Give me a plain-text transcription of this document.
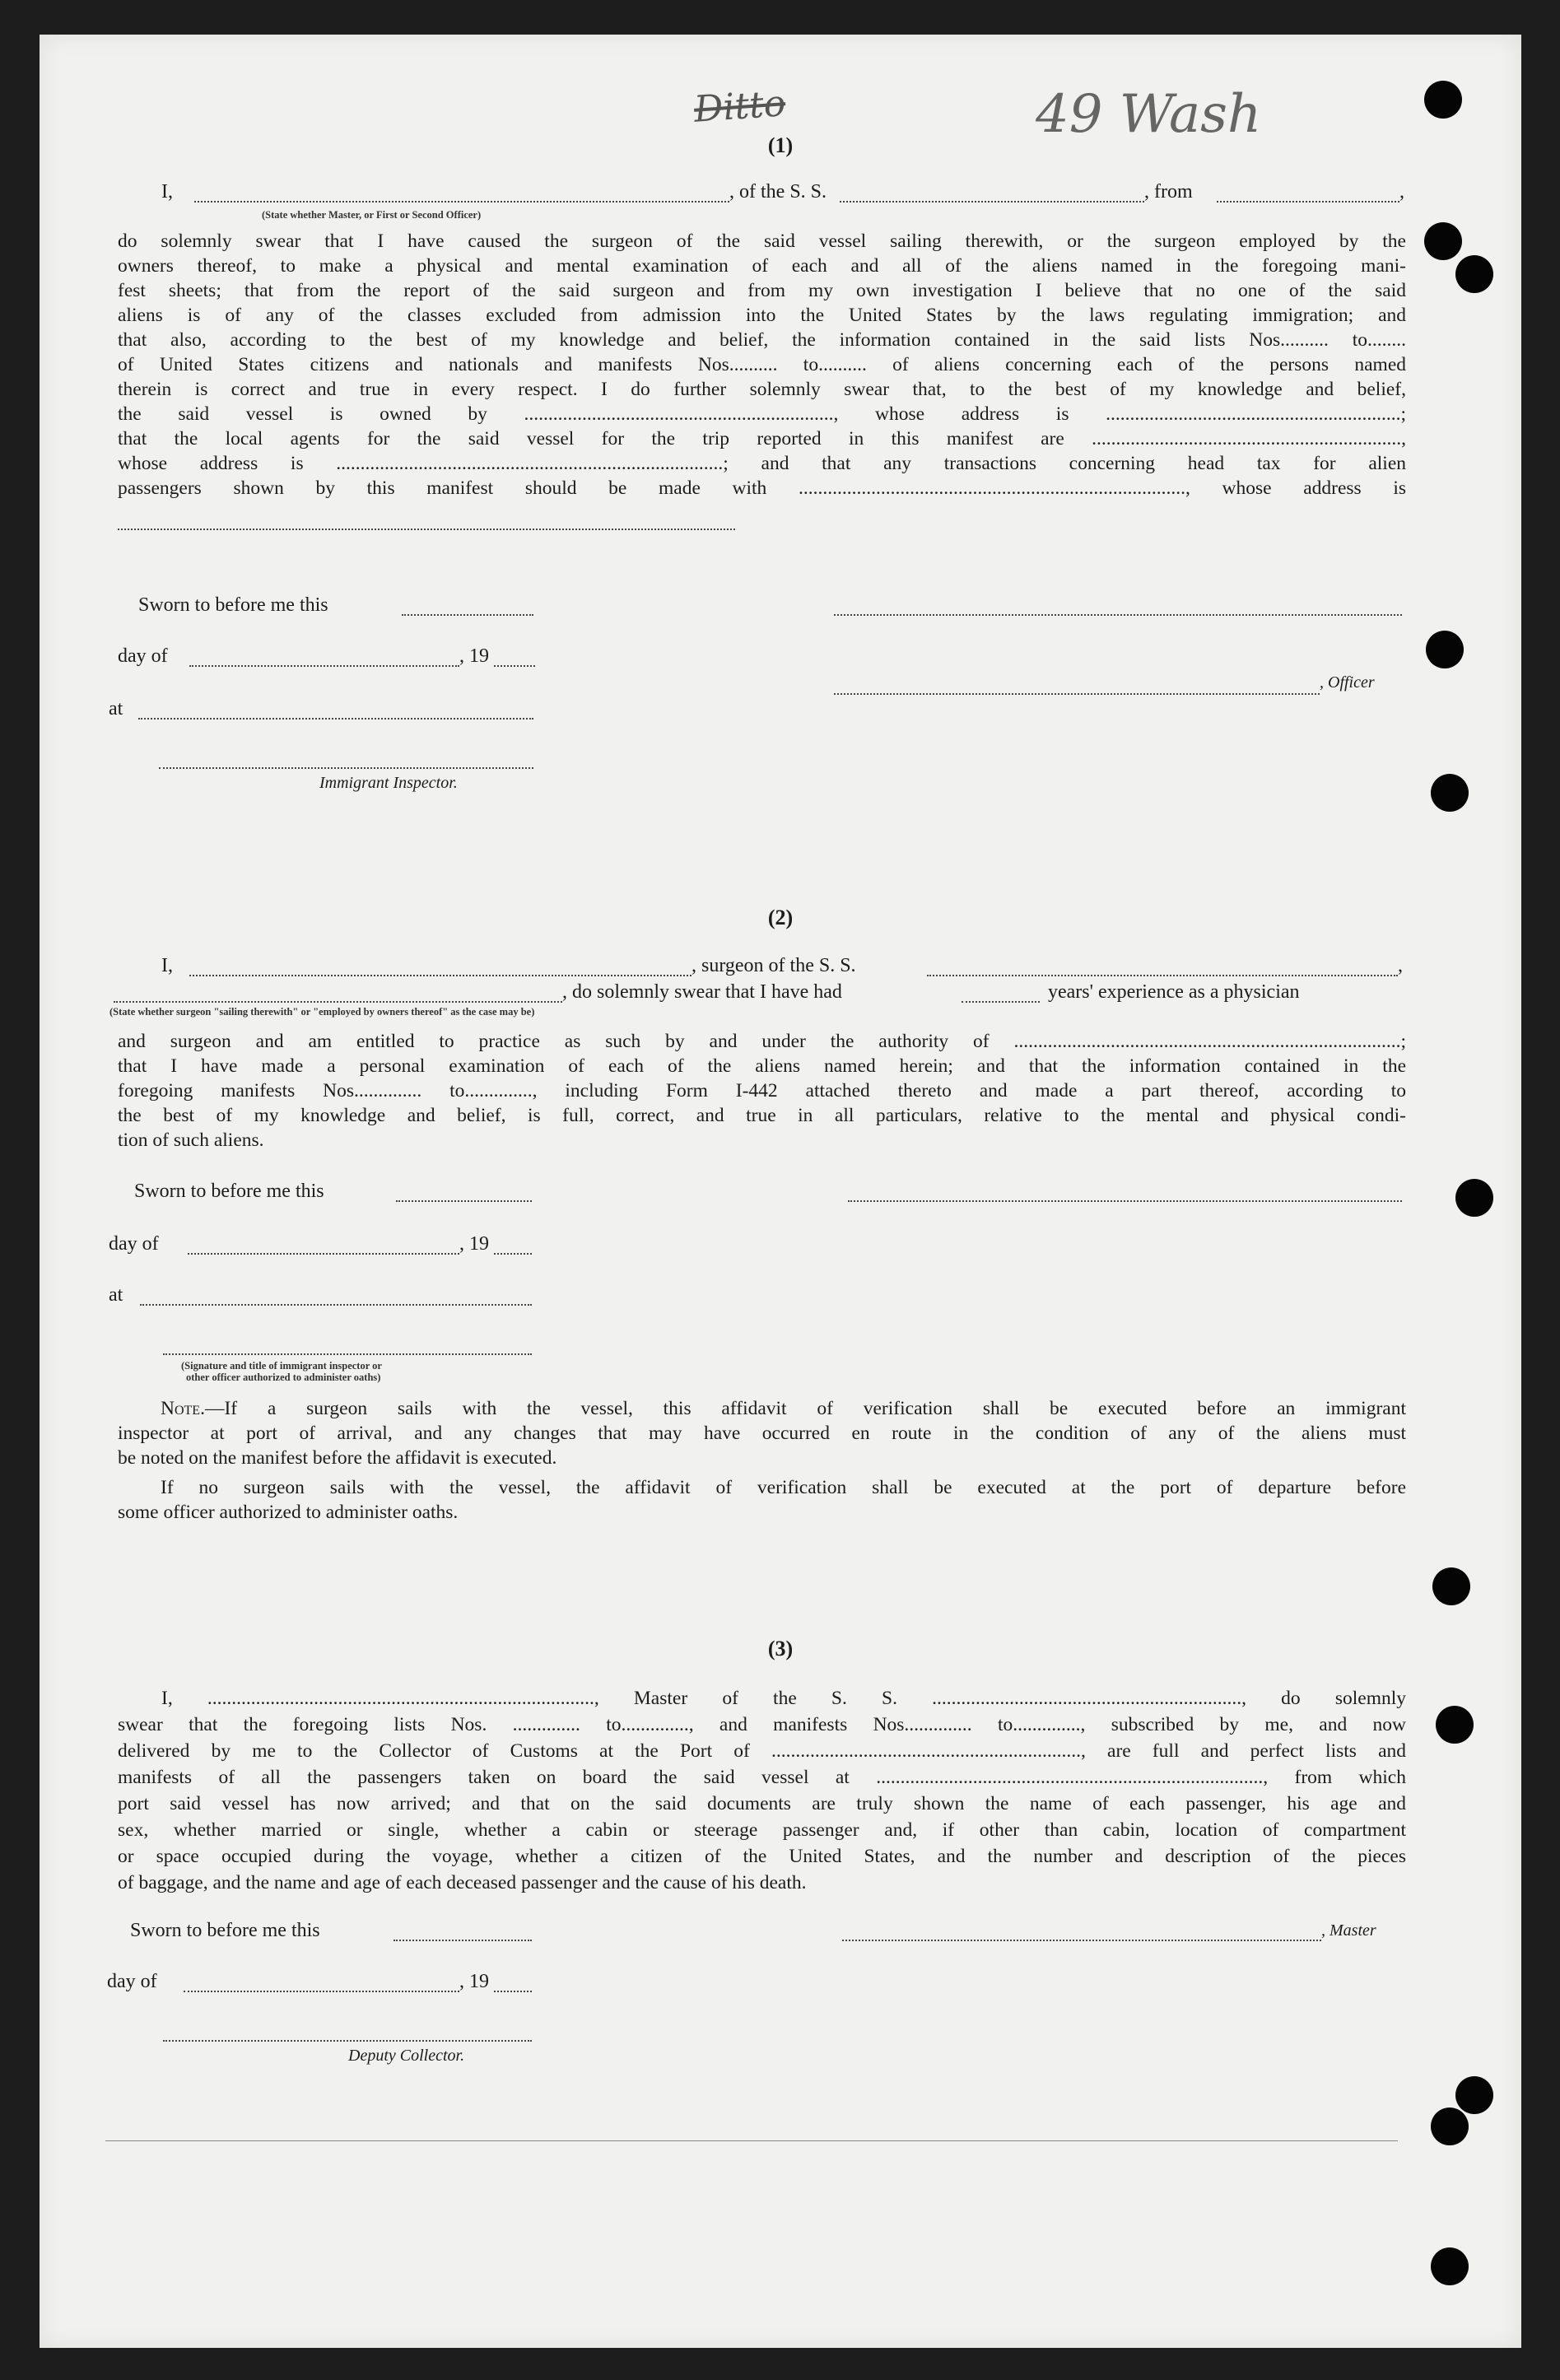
Ditto	49 Wash
(1)
I,	, of the S. S.	, from	,
(State whether Master, or First or Second Officer)
do solemnly swear that I have caused the surgeon of the said vessel sailing therewith, or the surgeon employed by the
owners thereof, to make a physical and mental examination of each and all of the aliens named in the foregoing mani-
fest sheets; that from the report of the said surgeon and from my own investigation I believe that no one of the said
aliens is of any of the classes excluded from admission into the United States by the laws regulating immigration; and
that also, according to the best of my knowledge and belief, the information contained in the said lists Nos.......... to........
of United States citizens and nationals and manifests Nos.......... to.......... of aliens concerning each of the persons named
therein is correct and true in every respect. I do further solemnly swear that, to the best of my knowledge and belief,
the said vessel is owned by ................................................................, whose address is .............................................................;
that the local agents for the said vessel for the trip reported in this manifest are ................................................................,
whose address is ................................................................................; and that any transactions concerning head tax for alien
passengers shown by this manifest should be made with ................................................................................, whose address is
Sworn to before me this
day of	, 19
, Officer
at
Immigrant Inspector.
(2)
I,	, surgeon of the S. S.	,
, do solemnly swear that I have had	years' experience as a physician
(State whether surgeon "sailing therewith" or "employed by owners thereof" as the case may be)
and surgeon and am entitled to practice as such by and under the authority of ................................................................................;
that I have made a personal examination of each of the aliens named herein; and that the information contained in the
foregoing manifests Nos.............. to.............., including Form I-442 attached thereto and made a part thereof, according to
the best of my knowledge and belief, is full, correct, and true in all particulars, relative to the mental and physical condi-
tion of such aliens.
Sworn to before me this
day of	, 19
at
(Signature and title of immigrant inspector or
other officer authorized to administer oaths)
Note.—If a surgeon sails with the vessel, this affidavit of verification shall be executed before an immigrant
inspector at port of arrival, and any changes that may have occurred en route in the condition of any of the aliens must
be noted on the manifest before the affidavit is executed.
If no surgeon sails with the vessel, the affidavit of verification shall be executed at the port of departure before
some officer authorized to administer oaths.
(3)
I, ................................................................................, Master of the S. S. ................................................................, do solemnly
swear that the foregoing lists Nos. .............. to.............., and manifests Nos.............. to.............., subscribed by me, and now
delivered by me to the Collector of Customs at the Port of ................................................................, are full and perfect lists and
manifests of all the passengers taken on board the said vessel at ................................................................................, from which
port said vessel has now arrived; and that on the said documents are truly shown the name of each passenger, his age and
sex, whether married or single, whether a cabin or steerage passenger and, if other than cabin, location of compartment
or space occupied during the voyage, whether a citizen of the United States, and the number and description of the pieces
of baggage, and the name and age of each deceased passenger and the cause of his death.
Sworn to before me this	, Master
day of	, 19
Deputy Collector.
